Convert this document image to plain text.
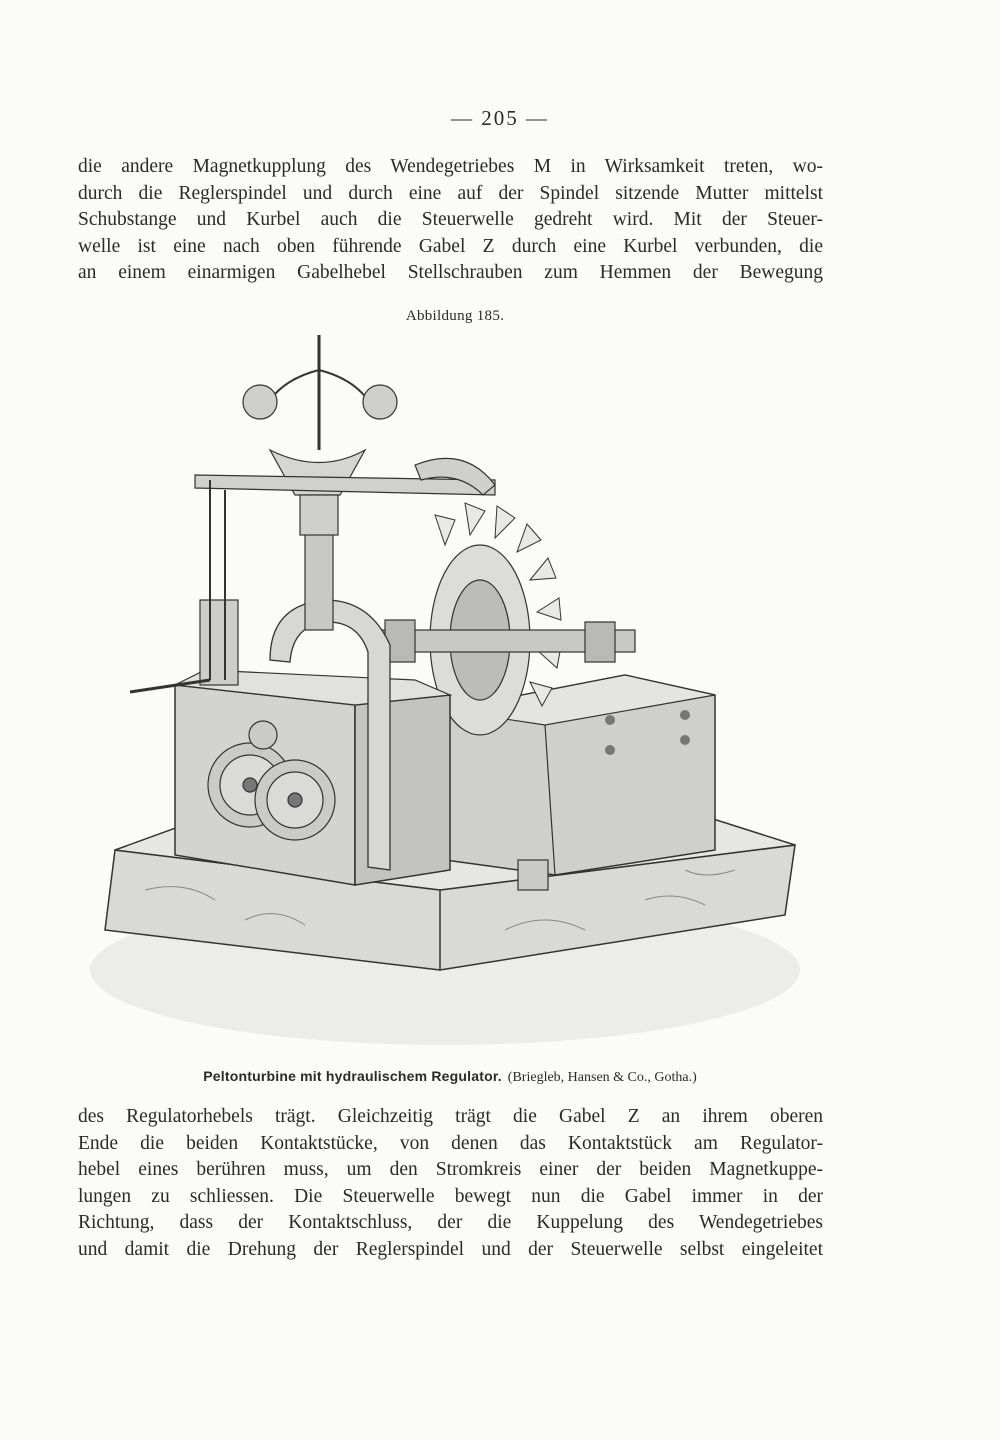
— 205 —
die andere Magnetkupplung des Wendegetriebes M in Wirksamkeit treten, wo-
durch die Reglerspindel und durch eine auf der Spindel sitzende Mutter mittelst
Schubstange und Kurbel auch die Steuerwelle gedreht wird. Mit der Steuer-
welle ist eine nach oben führende Gabel Z durch eine Kurbel verbunden, die
an einem einarmigen Gabelhebel Stellschrauben zum Hemmen der Bewegung
Abbildung 185.
Peltonturbine mit hydraulischem Regulator. (Briegleb, Hansen & Co., Gotha.)
des Regulatorhebels trägt. Gleichzeitig trägt die Gabel Z an ihrem oberen
Ende die beiden Kontaktstücke, von denen das Kontaktstück am Regulator-
hebel eines berühren muss, um den Stromkreis einer der beiden Magnetkuppe-
lungen zu schliessen. Die Steuerwelle bewegt nun die Gabel immer in der
Richtung, dass der Kontaktschluss, der die Kuppelung des Wendegetriebes
und damit die Drehung der Reglerspindel und der Steuerwelle selbst eingeleitet
